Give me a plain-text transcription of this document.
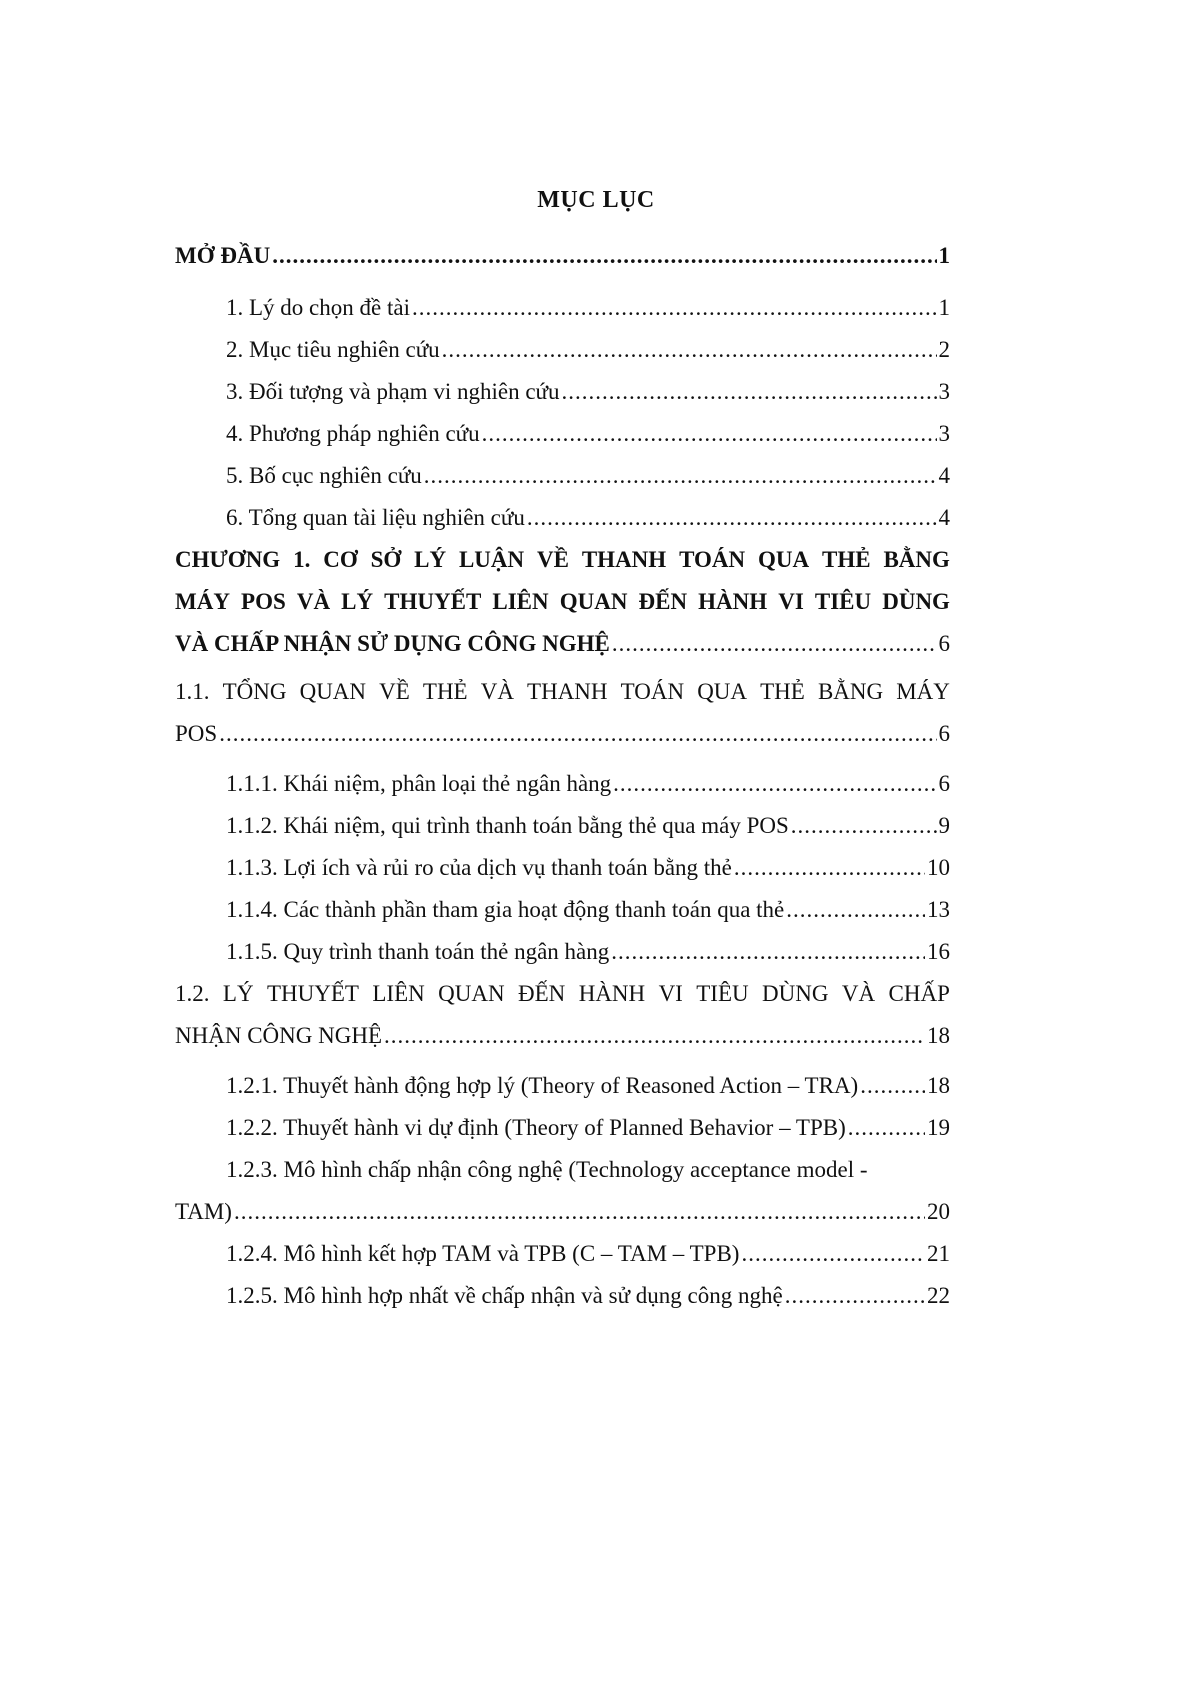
MỤC LỤC
MỞ ĐẦU .....	1
1. Lý do chọn đề tài .....	1
2. Mục tiêu nghiên cứu .....	2
3. Đối tượng và phạm vi nghiên cứu .....	3
4. Phương pháp nghiên cứu .....	3
5. Bố cục nghiên cứu .....	4
6. Tổng quan tài liệu nghiên cứu .....	4
CHƯƠNG 1. CƠ SỞ LÝ LUẬN VỀ THANH TOÁN QUA THẺ BẰNG
MÁY POS VÀ LÝ THUYẾT LIÊN QUAN ĐẾN HÀNH VI TIÊU DÙNG
VÀ CHẤP NHẬN SỬ DỤNG CÔNG NGHỆ .....	6
1.1. TỔNG QUAN VỀ THẺ VÀ THANH TOÁN QUA THẺ BẰNG MÁY
POS .....	6
1.1.1. Khái niệm, phân loại thẻ ngân hàng .....	6
1.1.2. Khái niệm, qui trình thanh toán bằng thẻ qua máy POS .....	9
1.1.3. Lợi ích và rủi ro của dịch vụ thanh toán bằng thẻ .....	10
1.1.4. Các thành phần tham gia hoạt động thanh toán qua thẻ .....	13
1.1.5. Quy trình thanh toán thẻ ngân hàng .....	16
1.2. LÝ THUYẾT LIÊN QUAN ĐẾN HÀNH VI TIÊU DÙNG VÀ CHẤP
NHẬN CÔNG NGHỆ .....	18
1.2.1. Thuyết hành động hợp lý (Theory of Reasoned Action – TRA) .....	18
1.2.2. Thuyết hành vi dự định (Theory of Planned Behavior – TPB) .....	19
1.2.3. Mô hình chấp nhận công nghệ (Technology acceptance model -
TAM) .....	20
1.2.4. Mô hình kết hợp TAM và TPB (C – TAM – TPB) .....	21
1.2.5. Mô hình hợp nhất về chấp nhận và sử dụng công nghệ .....	22
